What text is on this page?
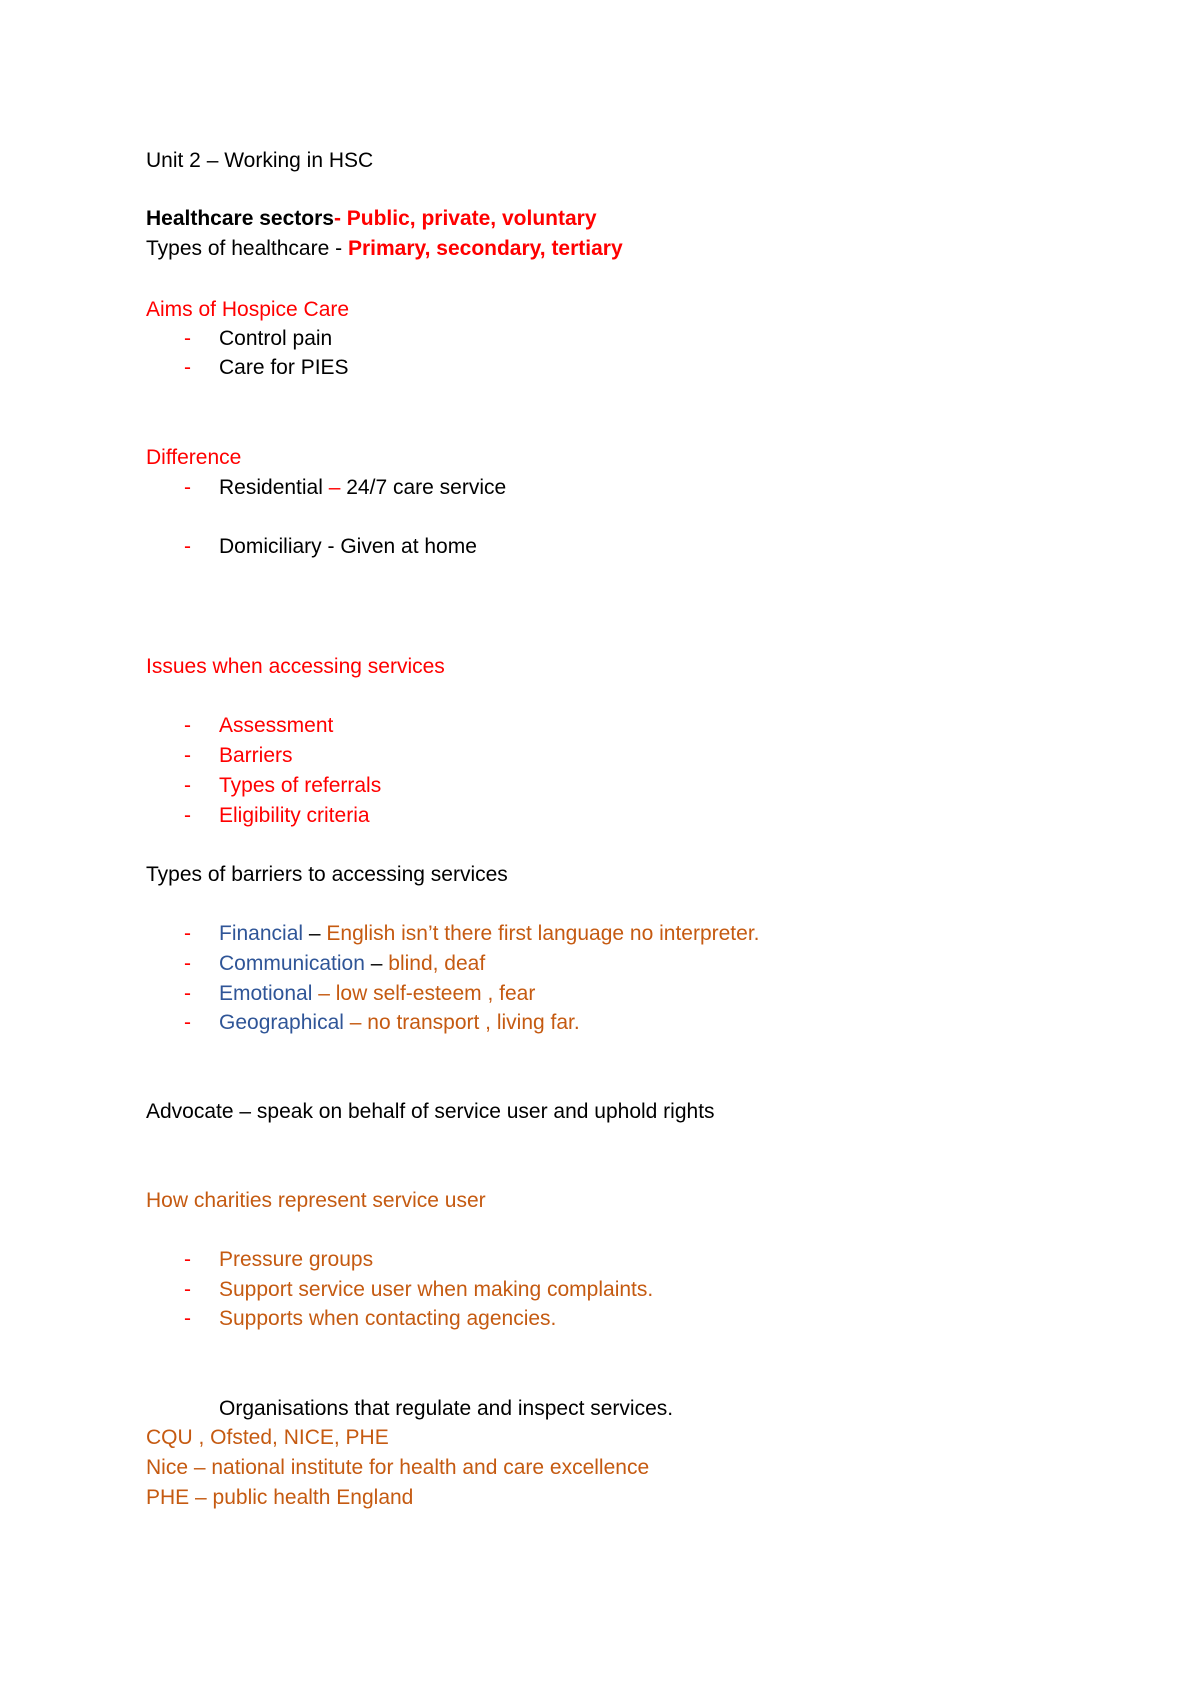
Unit 2 – Working in HSC
Healthcare sectors- Public, private, voluntary
Types of healthcare - Primary, secondary, tertiary
Aims of Hospice Care
- Control pain
- Care for PIES
Difference
- Residential – 24/7 care service
- Domiciliary - Given at home
Issues when accessing services
- Assessment
- Barriers
- Types of referrals
- Eligibility criteria
Types of barriers to accessing services
- Financial – English isn’t there first language no interpreter.
- Communication – blind, deaf
- Emotional – low self-esteem , fear
- Geographical – no transport , living far.
Advocate – speak on behalf of service user and uphold rights
How charities represent service user
- Pressure groups
- Support service user when making complaints.
- Supports when contacting agencies.
Organisations that regulate and inspect services.
CQU , Ofsted, NICE, PHE
Nice – national institute for health and care excellence
PHE – public health England
